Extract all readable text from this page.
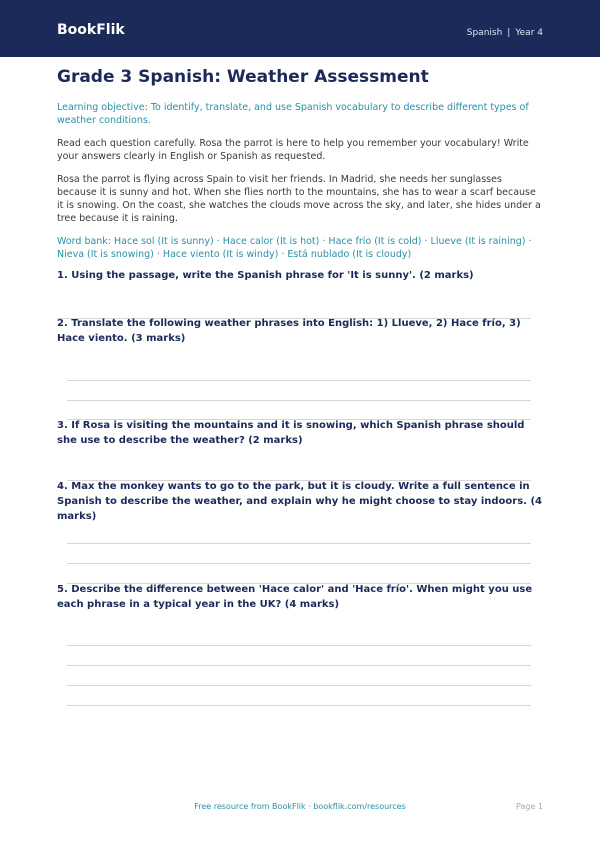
BookFlik	Spanish | Year 4
Grade 3 Spanish: Weather Assessment
Learning objective: To identify, translate, and use Spanish vocabulary to describe different types of weather conditions.
Read each question carefully. Rosa the parrot is here to help you remember your vocabulary! Write your answers clearly in English or Spanish as requested.
Rosa the parrot is flying across Spain to visit her friends. In Madrid, she needs her sunglasses because it is sunny and hot. When she flies north to the mountains, she has to wear a scarf because it is snowing. On the coast, she watches the clouds move across the sky, and later, she hides under a tree because it is raining.
Word bank: Hace sol (It is sunny) · Hace calor (It is hot) · Hace frío (It is cold) · Llueve (It is raining) · Nieva (It is snowing) · Hace viento (It is windy) · Está nublado (It is cloudy)
1. Using the passage, write the Spanish phrase for 'It is sunny'. (2 marks)
2. Translate the following weather phrases into English: 1) Llueve, 2) Hace frío, 3) Hace viento. (3 marks)
3. If Rosa is visiting the mountains and it is snowing, which Spanish phrase should she use to describe the weather? (2 marks)
4. Max the monkey wants to go to the park, but it is cloudy. Write a full sentence in Spanish to describe the weather, and explain why he might choose to stay indoors. (4 marks)
5. Describe the difference between 'Hace calor' and 'Hace frío'. When might you use each phrase in a typical year in the UK? (4 marks)
Free resource from BookFlik · bookflik.com/resources	Page 1
